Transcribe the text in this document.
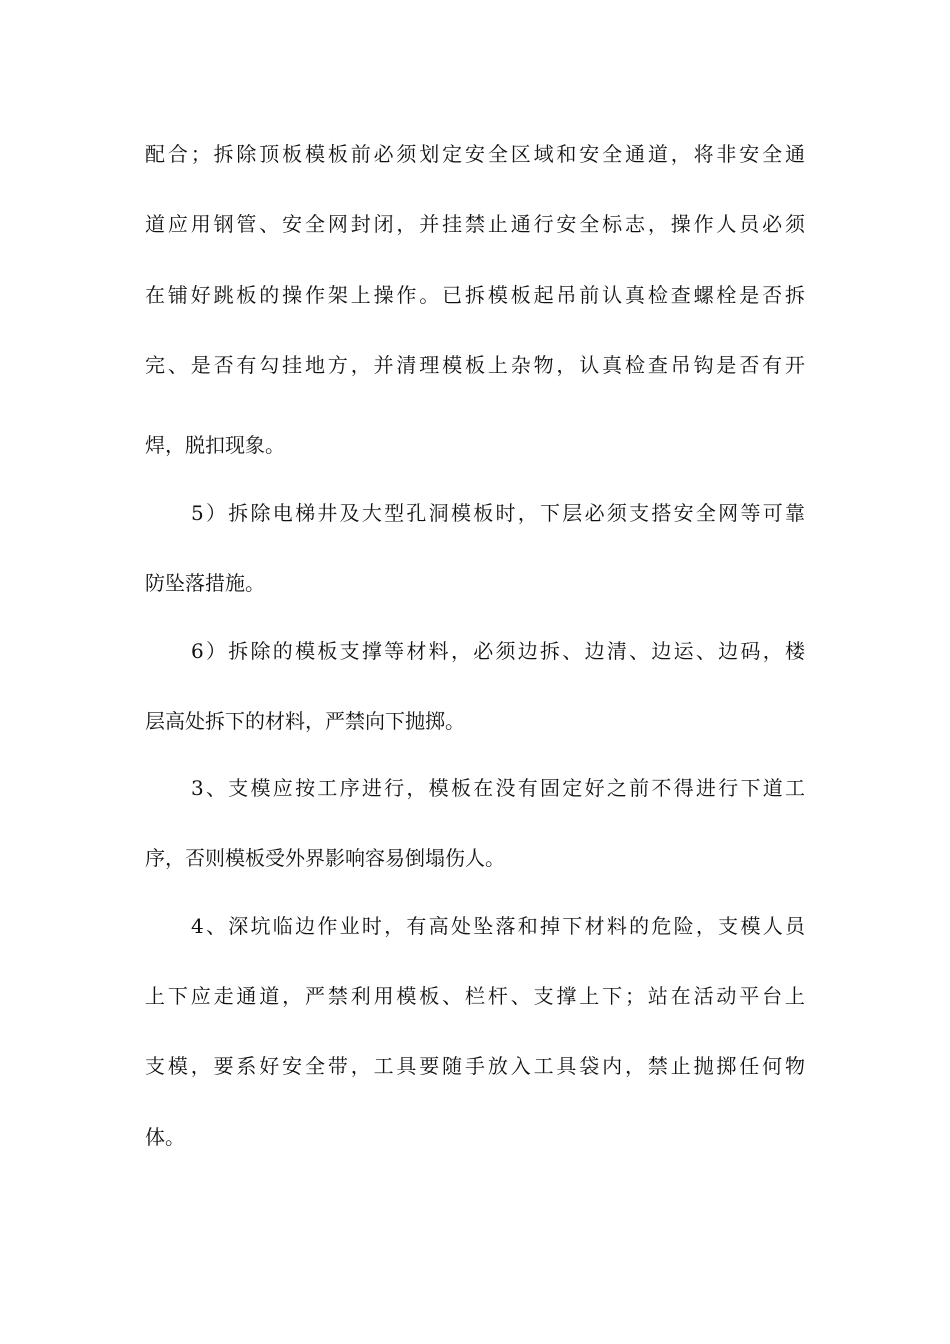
配合；拆除顶板模板前必须划定安全区域和安全通道，将非安全通
道应用钢管、安全网封闭，并挂禁止通行安全标志，操作人员必须
在铺好跳板的操作架上操作。已拆模板起吊前认真检查螺栓是否拆
完、是否有勾挂地方，并清理模板上杂物，认真检查吊钩是否有开
焊，脱扣现象。
5）拆除电梯井及大型孔洞模板时，下层必须支搭安全网等可靠
防坠落措施。
6）拆除的模板支撑等材料，必须边拆、边清、边运、边码，楼
层高处拆下的材料，严禁向下抛掷。
3、支模应按工序进行，模板在没有固定好之前不得进行下道工
序，否则模板受外界影响容易倒塌伤人。
4、深坑临边作业时，有高处坠落和掉下材料的危险，支模人员
上下应走通道，严禁利用模板、栏杆、支撑上下；站在活动平台上
支模，要系好安全带，工具要随手放入工具袋内，禁止抛掷任何物
体。
